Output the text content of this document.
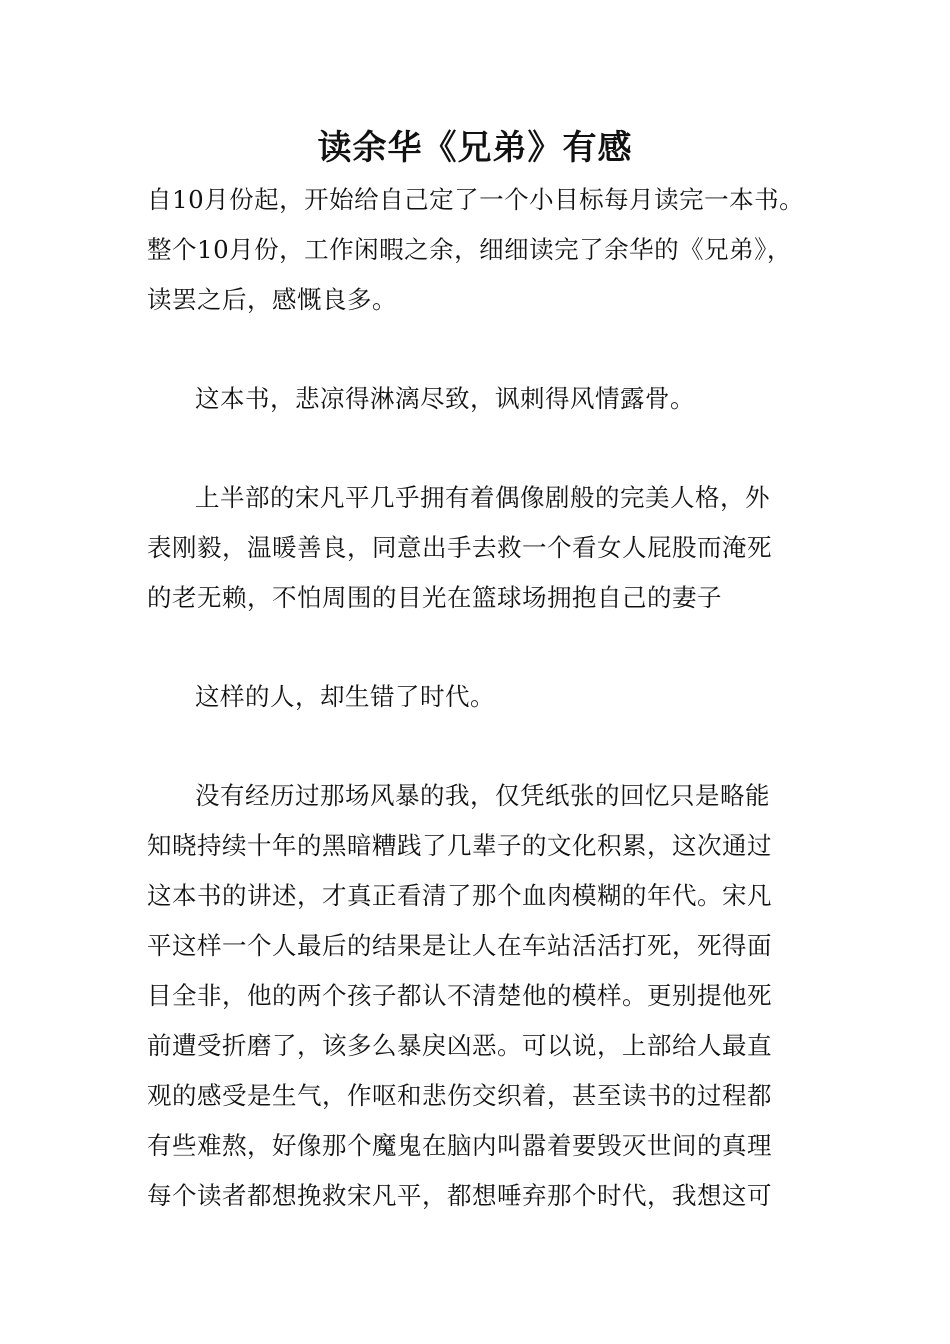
读余华《兄弟》有感
自10月份起，开始给自己定了一个小目标每月读完一本书。
整个10月份，工作闲暇之余，细细读完了余华的《兄弟》，
读罢之后，感慨良多。
这本书，悲凉得淋漓尽致，讽刺得风情露骨。
上半部的宋凡平几乎拥有着偶像剧般的完美人格，外
表刚毅，温暖善良，同意出手去救一个看女人屁股而淹死
的老无赖，不怕周围的目光在篮球场拥抱自己的妻子
这样的人，却生错了时代。
没有经历过那场风暴的我，仅凭纸张的回忆只是略能
知晓持续十年的黑暗糟践了几辈子的文化积累，这次通过
这本书的讲述，才真正看清了那个血肉模糊的年代。宋凡
平这样一个人最后的结果是让人在车站活活打死，死得面
目全非，他的两个孩子都认不清楚他的模样。更别提他死
前遭受折磨了，该多么暴戾凶恶。可以说，上部给人最直
观的感受是生气，作呕和悲伤交织着，甚至读书的过程都
有些难熬，好像那个魔鬼在脑内叫嚣着要毁灭世间的真理
每个读者都想挽救宋凡平，都想唾弃那个时代，我想这可
